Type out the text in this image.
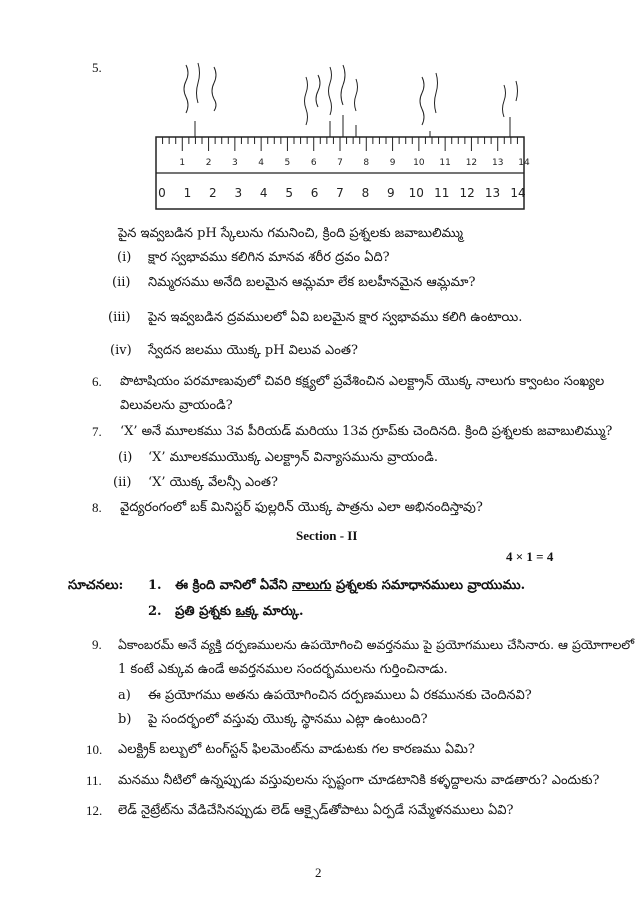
5.
1 2 3 4 5 6 7 8 9 10 11 12 13 14
0 1 2 3 4 5 6 7 8 9 10 11 12 13 14
పైన ఇవ్వబడిన pH స్కేలును గమనించి, క్రింది ప్రశ్నలకు జవాబులిమ్ము
(i) క్షార స్వభావము కలిగిన మానవ శరీర ద్రవం ఏది?
(ii) నిమ్మరసము అనేది బలమైన ఆమ్లమా లేక బలహీనమైన ఆమ్లమా?
(iii) పైన ఇవ్వబడిన ద్రవములలో ఏవి బలమైన క్షార స్వభావము కలిగి ఉంటాయి.
(iv) స్వేదన జలము యొక్క pH విలువ ఎంత?
6. పొటాషియం పరమాణువులో చివరి కక్ష్యలో ప్రవేశించిన ఎలక్ట్రాన్ యొక్క నాలుగు క్వాంటం సంఖ్యల
విలువలను వ్రాయండి?
7. ‘X’ అనే మూలకము 3వ పీరియడ్ మరియు 13వ గ్రూప్‌కు చెందినది. క్రింది ప్రశ్నలకు జవాబులిమ్ము?
(i) ‘X’ మూలకముయొక్క ఎలక్ట్రాన్ విన్యాసమును వ్రాయండి.
(ii) ‘X’ యొక్క వేలన్సీ ఎంత?
8. వైద్యరంగంలో బక్ మినిస్టర్ ఫుల్లరిన్ యొక్క పాత్రను ఎలా అభినందిస్తావు?
Section - II
4 × 1 = 4
సూచనలు: 1. ఈ క్రింది వానిలో ఏవేని నాలుగు ప్రశ్నలకు సమాధానములు వ్రాయుము.
2. ప్రతి ప్రశ్నకు ఒక్క మార్కు.
9. ఏకాంబరమ్ అనే వ్యక్తి దర్పణములను ఉపయోగించి అవర్తనము పై ప్రయోగములు చేసినారు. ఆ ప్రయోగాలలో
1 కంటే ఎక్కువ ఉండే అవర్తనముల సందర్భములను గుర్తించినాడు.
a) ఈ ప్రయోగము అతను ఉపయోగించిన దర్పణములు ఏ రకమునకు చెందినవి?
b) పై సందర్భంలో వస్తువు యొక్క స్థానము ఎట్లా ఉంటుంది?
10. ఎలక్ట్రిక్ బల్బులో టంగ్‌స్టన్ ఫిలమెంట్‌ను వాడుటకు గల కారణము ఏమి?
11. మనము నీటిలో ఉన్నప్పుడు వస్తువులను స్పష్టంగా చూడటానికి కళ్ళద్దాలను వాడతారు? ఎందుకు?
12. లెడ్ నైట్రేట్‌ను వేడిచేసినప్పుడు లెడ్ ఆక్సైడ్‌తోపాటు ఏర్పడే సమ్మేళనములు ఏవి?
2
